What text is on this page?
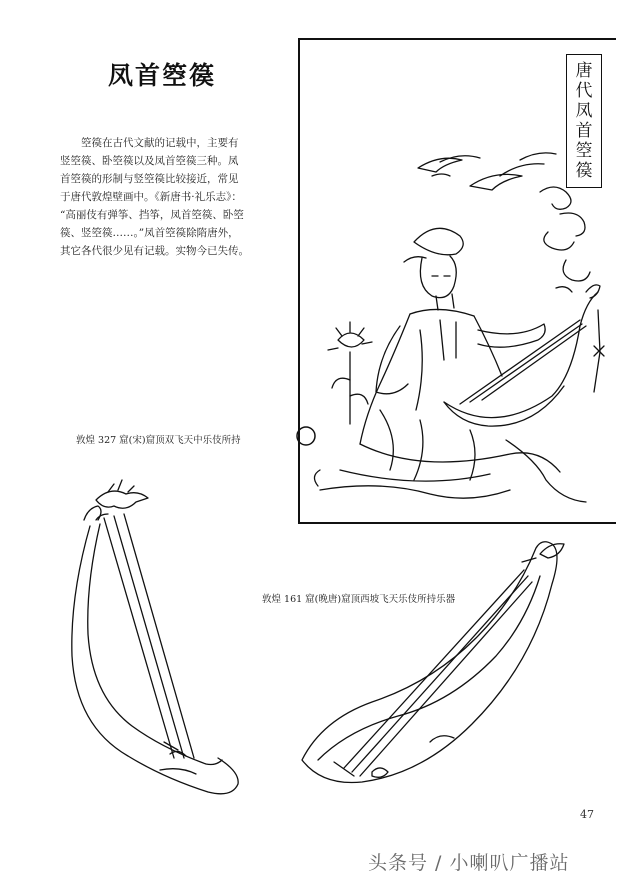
凤首箜篌
　　箜篌在古代文献的记载中，主要有
竖箜篌、卧箜篌以及凤首箜篌三种。凤
首箜篌的形制与竖箜篌比较接近，常见
于唐代敦煌壁画中。《新唐书·礼乐志》：
“高丽伎有弹筝、挡筝，凤首箜篌、卧箜
篌、竖箜篌……。”凤首箜篌除隋唐外，
其它各代很少见有记载。实物今已失传。
唐
代
凤
首
箜
篌
敦煌 327 窟(宋)窟顶双飞天中乐伎所持
敦煌 161 窟(晚唐)窟顶西坡飞天乐伎所持乐器
47
头条号 / 小喇叭广播站
